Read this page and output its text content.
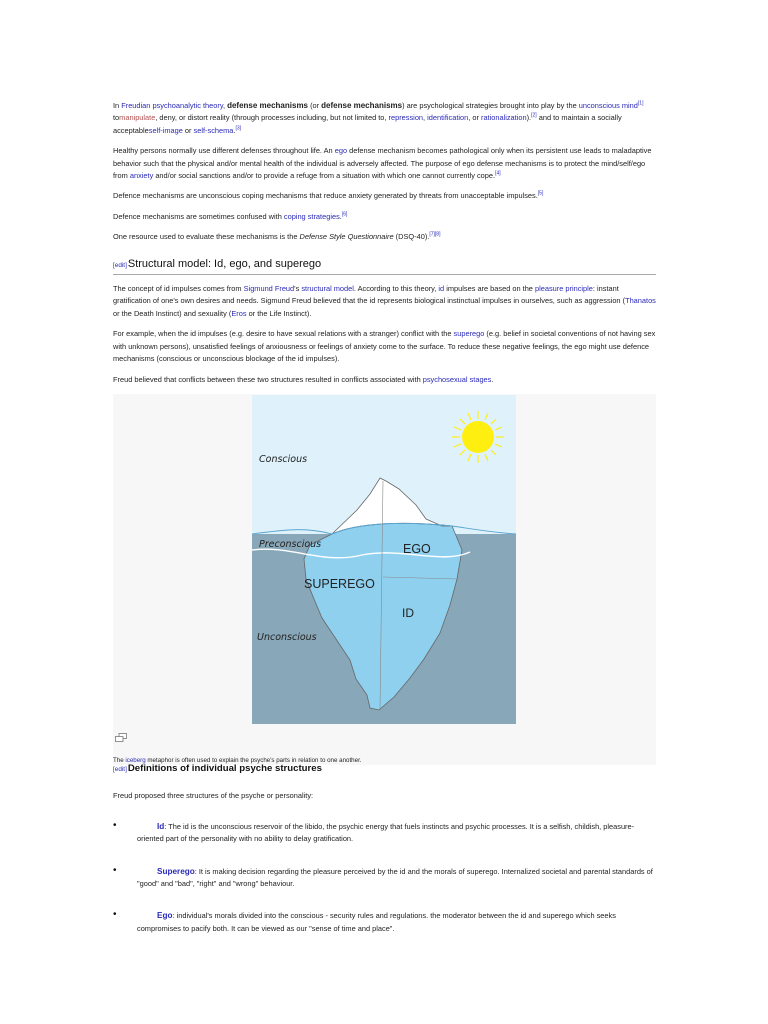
In Freudian psychoanalytic theory, defense mechanisms (or defense mechanisms) are psychological strategies brought into play by the unconscious mind[1] tomanipulate, deny, or distort reality (through processes including, but not limited to, repression, identification, or rationalization).[2] and to maintain a socially acceptableself-image or self-schema.[3]

Healthy persons normally use different defenses throughout life. An ego defense mechanism becomes pathological only when its persistent use leads to maladaptive behavior such that the physical and/or mental health of the individual is adversely affected. The purpose of ego defense mechanisms is to protect the mind/self/ego from anxiety and/or social sanctions and/or to provide a refuge from a situation with which one cannot currently cope.[4]

Defence mechanisms are unconscious coping mechanisms that reduce anxiety generated by threats from unacceptable impulses.[5]

Defence mechanisms are sometimes confused with coping strategies.[6]

One resource used to evaluate these mechanisms is the Defense Style Questionnaire (DSQ-40).[7][8]

[edit] Structural model: Id, ego, and superego

The concept of id impulses comes from Sigmund Freud's structural model. According to this theory, id impulses are based on the pleasure principle: instant gratification of one's own desires and needs. Sigmund Freud believed that the id represents biological instinctual impulses in ourselves, such as aggression (Thanatos or the Death Instinct) and sexuality (Eros or the Life Instinct).

For example, when the id impulses (e.g. desire to have sexual relations with a stranger) conflict with the superego (e.g. belief in societal conventions of not having sex with unknown persons), unsatisfied feelings of anxiousness or feelings of anxiety come to the surface. To reduce these negative feelings, the ego might use defence mechanisms (conscious or unconscious blockage of the id impulses).

Freud believed that conflicts between these two structures resulted in conflicts associated with psychosexual stages.

Conscious
Preconscious
Unconscious
EGO
SUPEREGO
ID
The iceberg metaphor is often used to explain the psyche's parts in relation to one another.
[edit] Definitions of individual psyche structures

Freud proposed three structures of the psyche or personality:

•	Id: The id is the unconscious reservoir of the libido, the psychic energy that fuels instincts and psychic processes. It is a selfish, childish, pleasure-oriented part of the personality with no ability to delay gratification.
•	Superego: It is making decision regarding the pleasure perceived by the id and the morals of superego. Internalized societal and parental standards of "good" and "bad", "right" and "wrong" behaviour.
•	Ego: individual's morals divided into the conscious - security rules and regulations. the moderator between the id and superego which seeks compromises to pacify both. It can be viewed as our "sense of time and place".
